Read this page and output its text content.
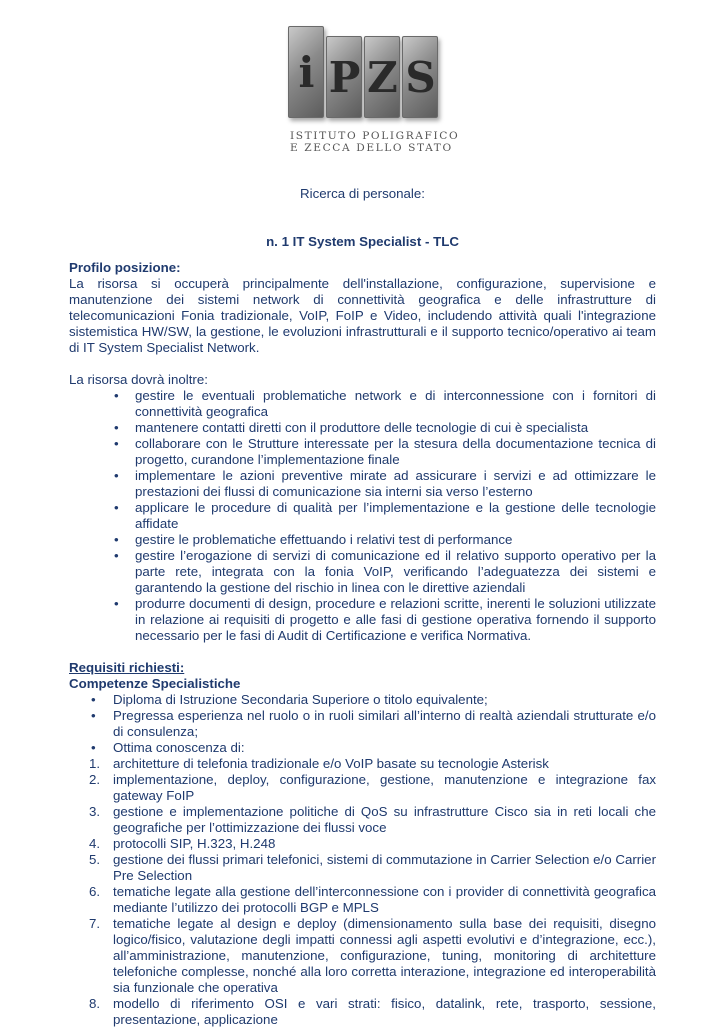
i P Z S
ISTITUTO POLIGRAFICO
E ZECCA DELLO STATO
Ricerca di personale:
n. 1 IT System Specialist - TLC
Profilo posizione:
La risorsa si occuperà principalmente dell'installazione, configurazione, supervisione e manutenzione dei sistemi network di connettività geografica e delle infrastrutture di telecomunicazioni Fonia tradizionale, VoIP, FoIP e Video, includendo attività quali l'integrazione sistemistica HW/SW, la gestione, le evoluzioni infrastrutturali e il supporto tecnico/operativo ai team di IT System Specialist Network.
La risorsa dovrà inoltre:
• gestire le eventuali problematiche network e di interconnessione con i fornitori di connettività geografica
• mantenere contatti diretti con il produttore delle tecnologie di cui è specialista
• collaborare con le Strutture interessate per la stesura della documentazione tecnica di progetto, curandone l’implementazione finale
• implementare le azioni preventive mirate ad assicurare i servizi e ad ottimizzare le prestazioni dei flussi di comunicazione sia interni sia verso l’esterno
• applicare le procedure di qualità per l’implementazione e la gestione delle tecnologie affidate
• gestire le problematiche effettuando i relativi test di performance
• gestire l’erogazione di servizi di comunicazione ed il relativo supporto operativo per la parte rete, integrata con la fonia VoIP, verificando l’adeguatezza dei sistemi e garantendo la gestione del rischio in linea con le direttive aziendali
• produrre documenti di design, procedure e relazioni scritte, inerenti le soluzioni utilizzate in relazione ai requisiti di progetto e alle fasi di gestione operativa fornendo il supporto necessario per le fasi di Audit di Certificazione e verifica Normativa.
Requisiti richiesti:
Competenze Specialistiche
• Diploma di Istruzione Secondaria Superiore o titolo equivalente;
• Pregressa esperienza nel ruolo o in ruoli similari all’interno di realtà aziendali strutturate e/o di consulenza;
• Ottima conoscenza di:
1. architetture di telefonia tradizionale e/o VoIP basate su tecnologie Asterisk
2. implementazione, deploy, configurazione, gestione, manutenzione e integrazione fax gateway FoIP
3. gestione e implementazione politiche di QoS su infrastrutture Cisco sia in reti locali che geografiche per l’ottimizzazione dei flussi voce
4. protocolli SIP, H.323, H.248
5. gestione dei flussi primari telefonici, sistemi di commutazione in Carrier Selection e/o Carrier Pre Selection
6. tematiche legate alla gestione dell’interconnessione con i provider di connettività geografica mediante l’utilizzo dei protocolli BGP e MPLS
7. tematiche legate al design e deploy (dimensionamento sulla base dei requisiti, disegno logico/fisico, valutazione degli impatti connessi agli aspetti evolutivi e d’integrazione, ecc.), all’amministrazione, manutenzione, configurazione, tuning, monitoring di architetture telefoniche complesse, nonché alla loro corretta interazione, integrazione ed interoperabilità sia funzionale che operativa
8. modello di riferimento OSI e vari strati: fisico, datalink, rete, trasporto, sessione, presentazione, applicazione
